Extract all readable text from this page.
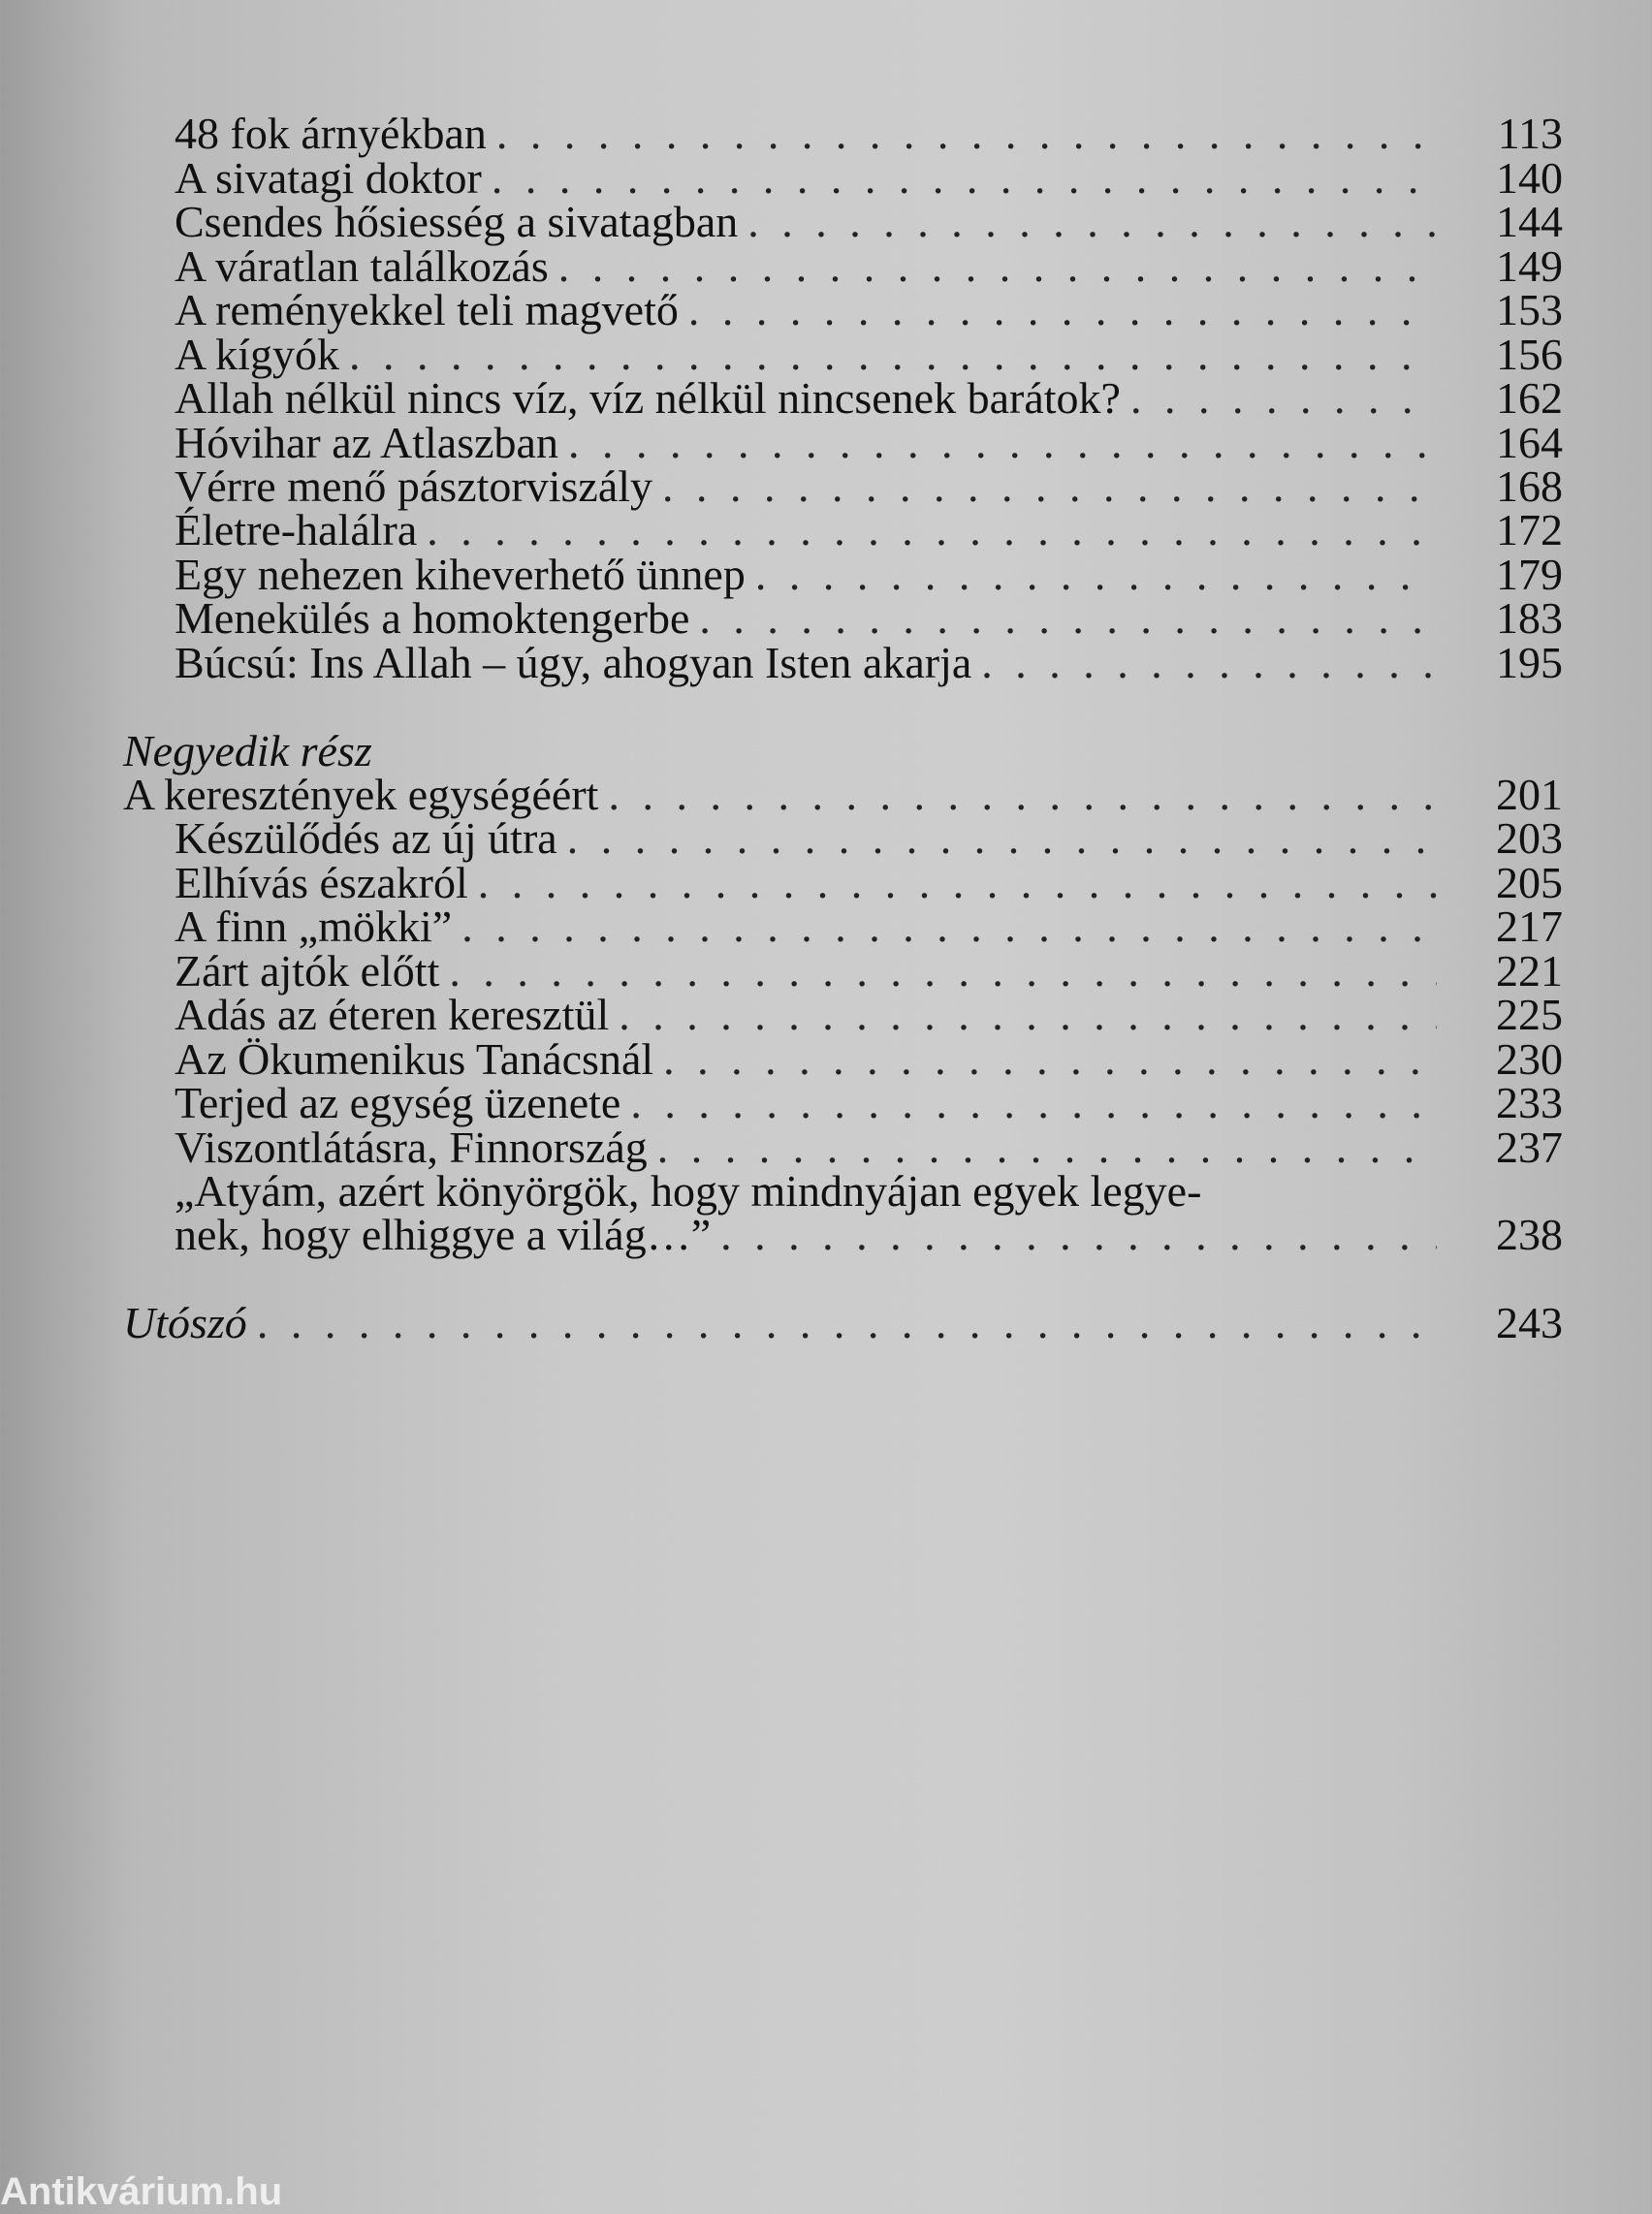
48 fok árnyékban . . .	113
A sivatagi doktor . . .	140
Csendes hősiesség a sivatagban . . .	144
A váratlan találkozás . . .	149
A reményekkel teli magvető . . .	153
A kígyók . . .	156
Allah nélkül nincs víz, víz nélkül nincsenek barátok? . . .	162
Hóvihar az Atlaszban . . .	164
Vérre menő pásztorviszály . . .	168
Életre-halálra . . .	172
Egy nehezen kiheverhető ünnep . . .	179
Menekülés a homoktengerbe . . .	183
Búcsú: Ins Allah – úgy, ahogyan Isten akarja . . .	195
Negyedik rész
A keresztények egységéért . . .	201
Készülődés az új útra . . .	203
Elhívás északról . . .	205
A finn „mökki” . . .	217
Zárt ajtók előtt . . .	221
Adás az éteren keresztül . . .	225
Az Ökumenikus Tanácsnál . . .	230
Terjed az egység üzenete . . .	233
Viszontlátásra, Finnország . . .	237
„Atyám, azért könyörgök, hogy mindnyájan egyek legye-
nek, hogy elhiggye a világ…” . . .	238
Utószó . . .	243
Antikvárium.hu
